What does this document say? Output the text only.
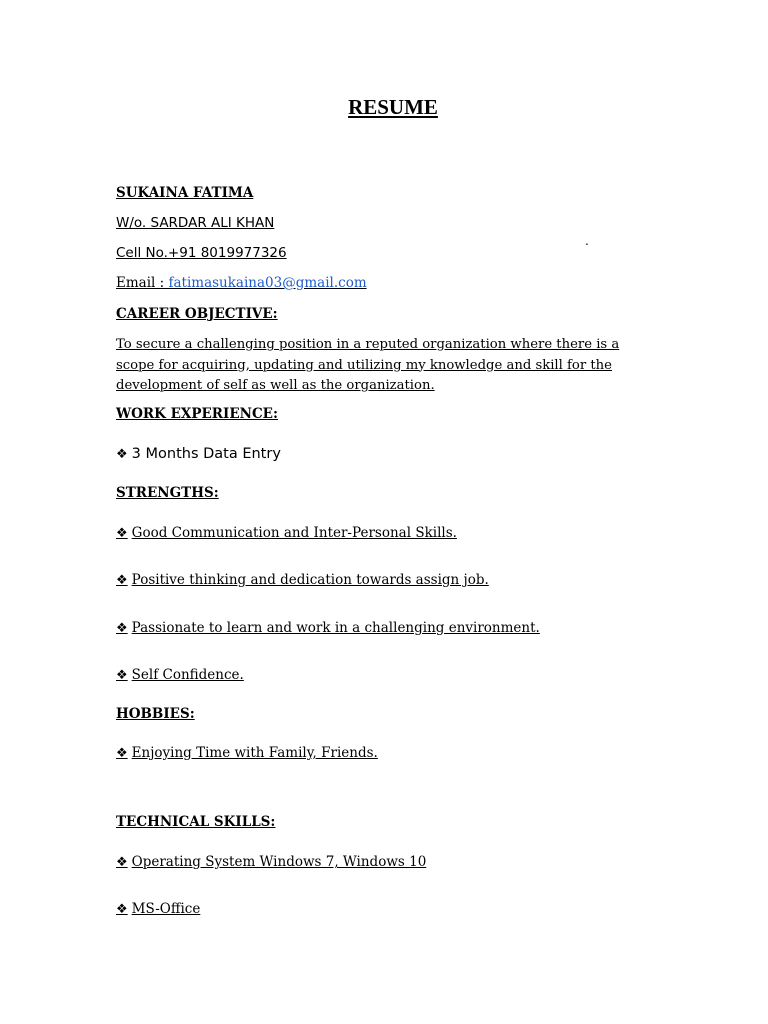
RESUME
SUKAINA FATIMA
W/o. SARDAR ALI KHAN
Cell No.+91 8019977326
Email : fatimasukaina03@gmail.com
.
CAREER OBJECTIVE:
To secure a challenging position in a reputed organization where there is a scope for acquiring, updating and utilizing my knowledge and skill for the development of self as well as the organization.
WORK EXPERIENCE:
❖ 3 Months Data Entry
STRENGTHS:
❖ Good Communication and Inter-Personal Skills.
❖ Positive thinking and dedication towards assign job.
❖ Passionate to learn and work in a challenging environment.
❖ Self Confidence.
HOBBIES:
❖ Enjoying Time with Family, Friends.
TECHNICAL SKILLS:
❖ Operating System Windows 7, Windows 10
❖ MS-Office
